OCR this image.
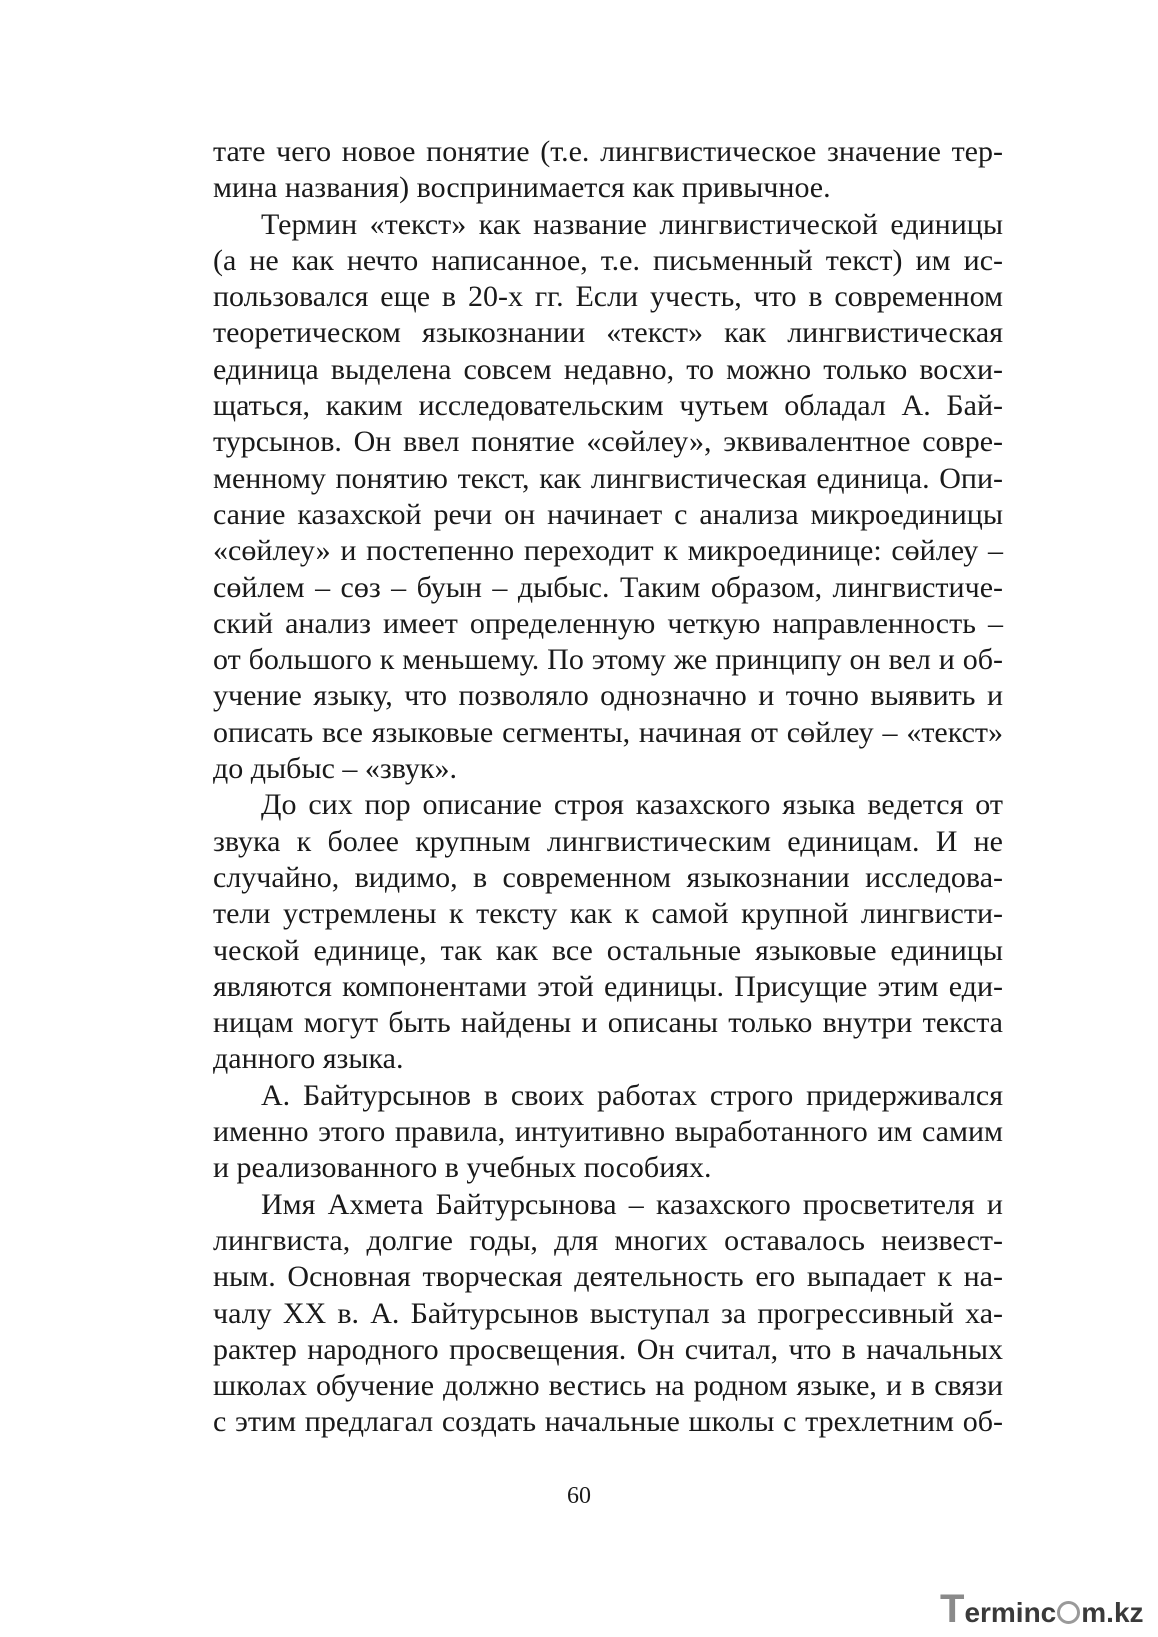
тате чего новое понятие (т.е. лингвистическое значение тер-
мина названия) воспринимается как привычное.
Термин «текст» как название лингвистической единицы
(а не как нечто написанное, т.е. письменный текст) им ис-
пользовался еще в 20-х гг. Если учесть, что в современном
теоретическом языкознании «текст» как лингвистическая
единица выделена совсем недавно, то можно только восхи-
щаться, каким исследовательским чутьем обладал А. Бай-
турсынов. Он ввел понятие «сөйлеу», эквивалентное совре-
менному понятию текст, как лингвистическая единица. Опи-
сание казахской речи он начинает с анализа микроединицы
«сөйлеу» и постепенно переходит к микроединице: сөйлеу –
сөйлем – сөз – буын – дыбыс. Таким образом, лингвистиче-
ский анализ имеет определенную четкую направленность –
от большого к меньшему. По этому же принципу он вел и об-
учение языку, что позволяло однозначно и точно выявить и
описать все языковые сегменты, начиная от сөйлеу – «текст»
до дыбыс – «звук».
До сих пор описание строя казахского языка ведется от
звука к более крупным лингвистическим единицам. И не
случайно, видимо, в современном языкознании исследова-
тели устремлены к тексту как к самой крупной лингвисти-
ческой единице, так как все остальные языковые единицы
являются компонентами этой единицы. Присущие этим еди-
ницам могут быть найдены и описаны только внутри текста
данного языка.
А. Байтурсынов в своих работах строго придерживался
именно этого правила, интуитивно выработанного им самим
и реализованного в учебных пособиях.
Имя Ахмета Байтурсынова – казахского просветителя и
лингвиста, долгие годы, для многих оставалось неизвест-
ным. Основная творческая деятельность его выпадает к на-
чалу XX в. А. Байтурсынов выступал за прогрессивный ха-
рактер народного просвещения. Он считал, что в начальных
школах обучение должно вестись на родном языке, и в связи
с этим предлагал создать начальные школы с трехлетним об-
60
Terminc m.kz
